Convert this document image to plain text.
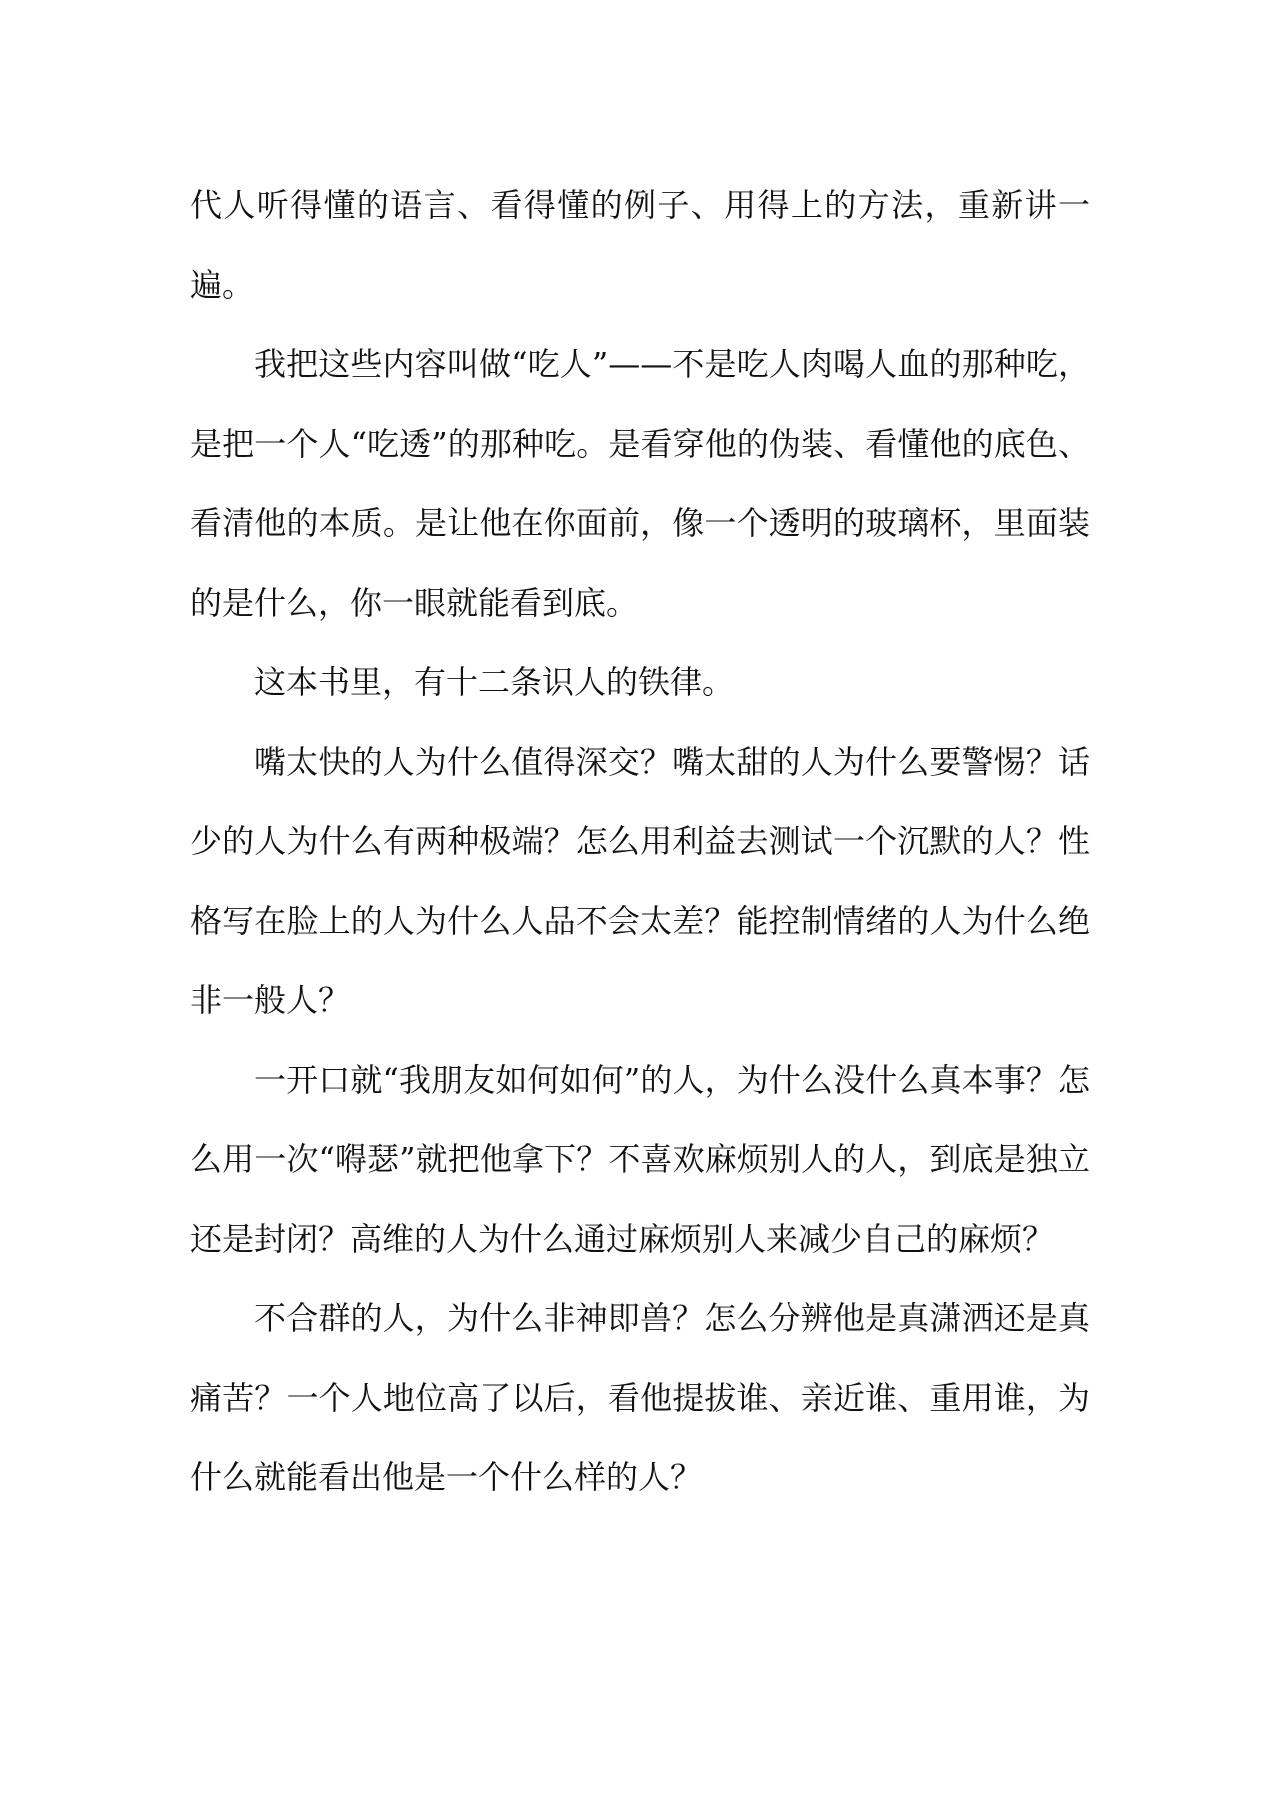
代人听得懂的语言、看得懂的例子、用得上的方法，重新讲一遍。

我把这些内容叫做“吃人”——不是吃人肉喝人血的那种吃，是把一个人“吃透”的那种吃。是看穿他的伪装、看懂他的底色、看清他的本质。是让他在你面前，像一个透明的玻璃杯，里面装的是什么，你一眼就能看到底。

这本书里，有十二条识人的铁律。

嘴太快的人为什么值得深交？嘴太甜的人为什么要警惕？话少的人为什么有两种极端？怎么用利益去测试一个沉默的人？性格写在脸上的人为什么人品不会太差？能控制情绪的人为什么绝非一般人？

一开口就“我朋友如何如何”的人，为什么没什么真本事？怎么用一次“嘚瑟”就把他拿下？不喜欢麻烦别人的人，到底是独立还是封闭？高维的人为什么通过麻烦别人来减少自己的麻烦？

不合群的人，为什么非神即兽？怎么分辨他是真潇洒还是真痛苦？一个人地位高了以后，看他提拔谁、亲近谁、重用谁，为什么就能看出他是一个什么样的人？
